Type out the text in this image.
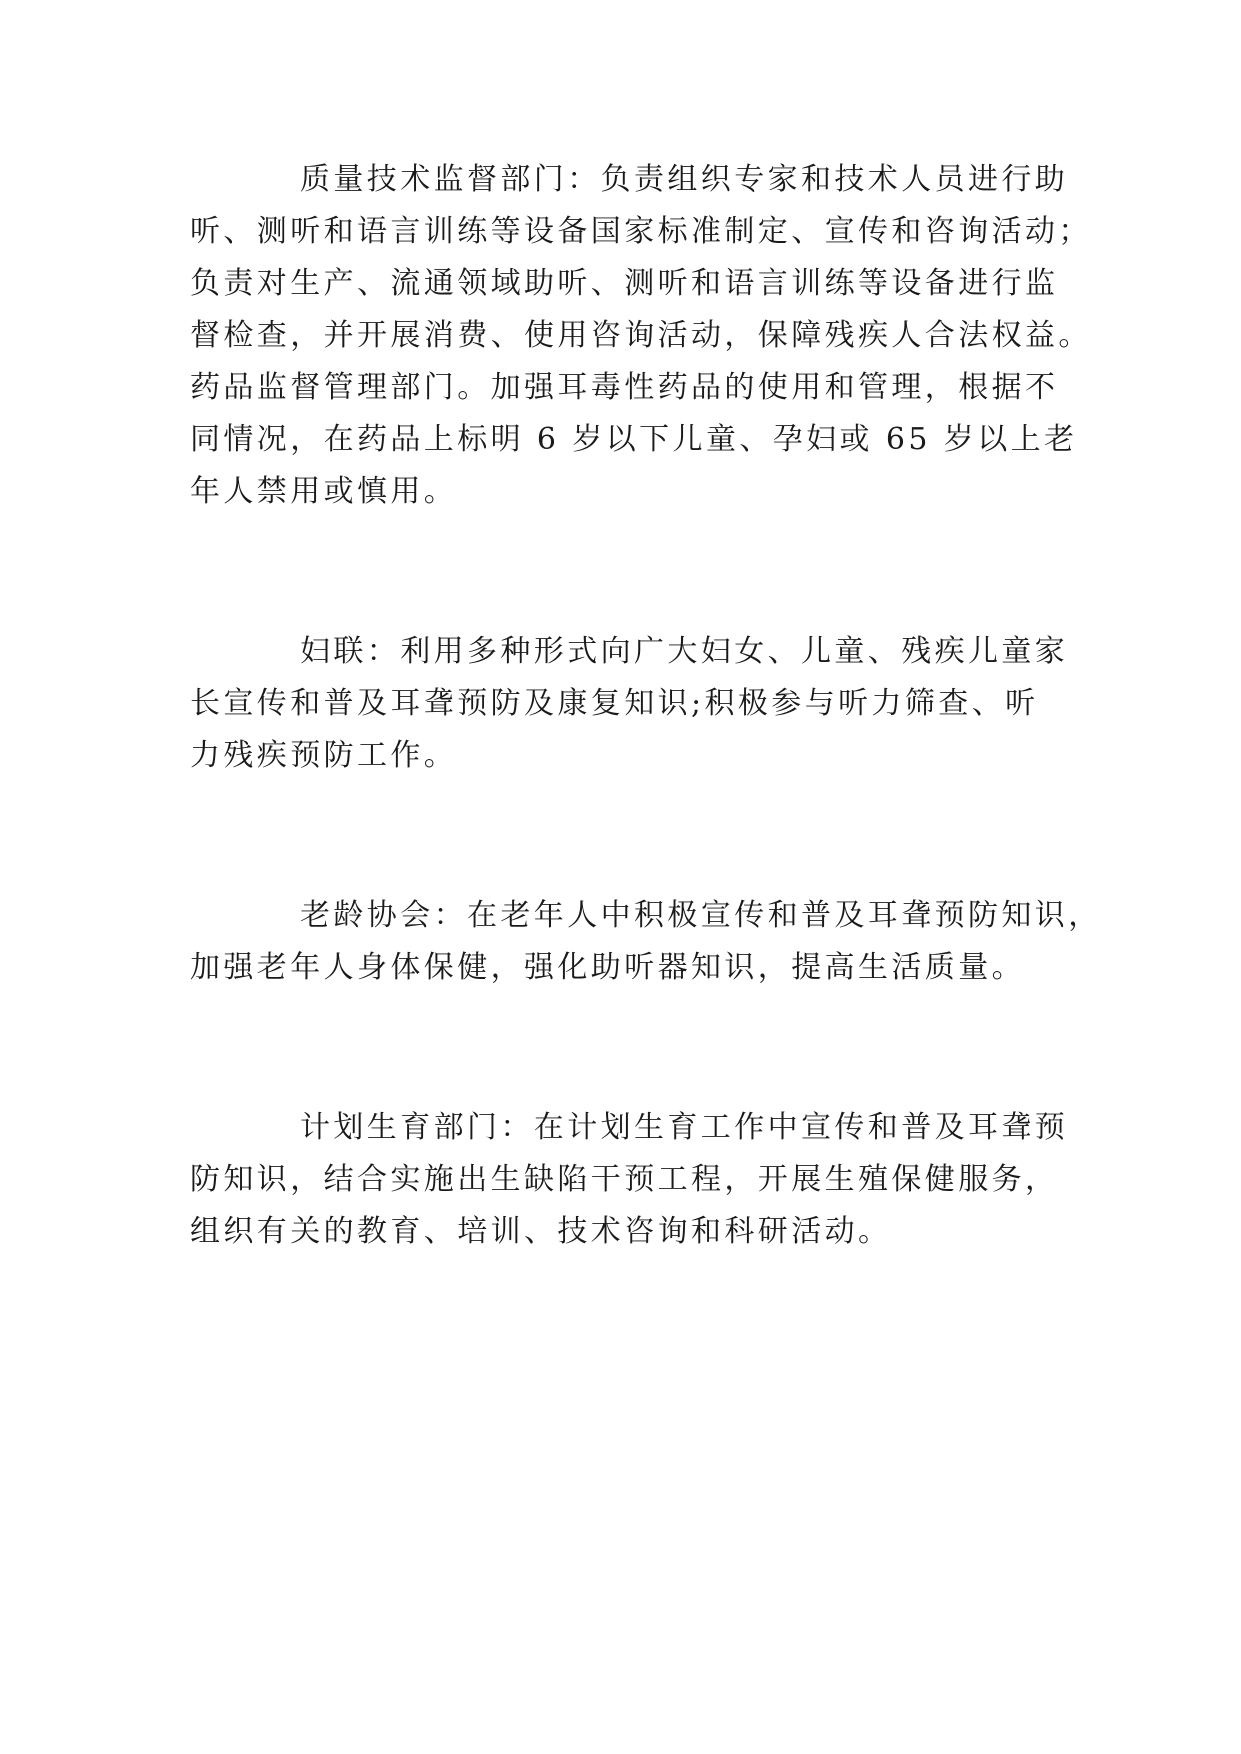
质量技术监督部门：负责组织专家和技术人员进行助
听、测听和语言训练等设备国家标准制定、宣传和咨询活动；
负责对生产、流通领域助听、测听和语言训练等设备进行监
督检查，并开展消费、使用咨询活动，保障残疾人合法权益。
药品监督管理部门。加强耳毒性药品的使用和管理，根据不
同情况，在药品上标明 6 岁以下儿童、孕妇或 65 岁以上老
年人禁用或慎用。
妇联：利用多种形式向广大妇女、儿童、残疾儿童家
长宣传和普及耳聋预防及康复知识;积极参与听力筛查、听
力残疾预防工作。
老龄协会：在老年人中积极宣传和普及耳聋预防知识，
加强老年人身体保健，强化助听器知识，提高生活质量。
计划生育部门：在计划生育工作中宣传和普及耳聋预
防知识，结合实施出生缺陷干预工程，开展生殖保健服务，
组织有关的教育、培训、技术咨询和科研活动。
